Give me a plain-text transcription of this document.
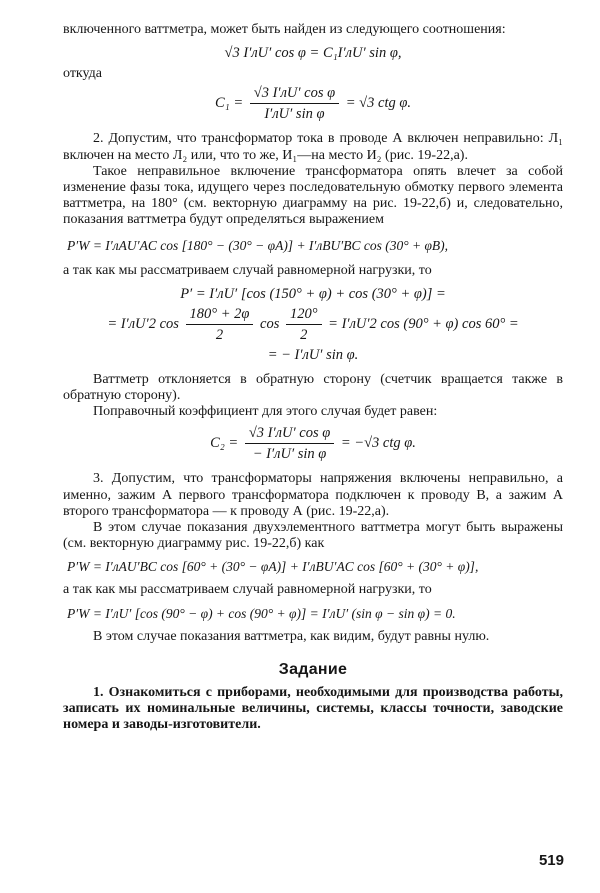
включенного ваттметра, может быть найден из следующего соотношения:

√3 I′лU′ cos φ = C₁I′лU′ sin φ,

откуда

$C_1 = \frac{\text{√3 I′лU′ cos φ}}{\text{I′лU′ sin φ}} = √3$ ctg φ.

2. Допустим, что трансформатор тока в проводе А включен неправильно: Л₁ включен на место Л₂ или, что то же, И₁—на место И₂ (рис. 19-22,а).

Такое неправильное включение трансформатора опять влечет за собой изменение фазы тока, идущего через последовательную обмотку первого элемента ваттметра, на 180° (см. векторную диаграмму на рис. 19-22,б) и, следовательно, показания ваттметра будут определяться выражением

P′W = I′лАU′AC cos [180° − (30° − φA)] + I′лBU′BC cos (30° + φB),

а так как мы рассматриваем случай равномерной нагрузки, то

P′ = I′лU′ [cos (150° + φ) + cos (30° + φ)] =
= I′лU′2 $\cos \frac{180^\circ + 2\varphi}{2}$ $\cos \frac{120^\circ}{2} = I'лU'2$ cos (90° + φ) cos 60° =
= − I′лU′ sin φ.

Ваттметр отклоняется в обратную сторону (счетчик вращается также в обратную сторону).

Поправочный коэффициент для этого случая будет равен:

$C_2 = \frac{\text{√3 I′лU′ cos φ}}{\text{− I′лU′ sin φ}} = -√3$ ctg φ.

3. Допустим, что трансформаторы напряжения включены неправильно, а именно, зажим А первого трансформатора подключен к проводу В, а зажим А второго трансформатора — к проводу А (рис. 19-22,а).

В этом случае показания двухэлементного ваттметра могут быть выражены (см. векторную диаграмму рис. 19-22,б) как

P′W = I′лАU′BC cos [60° + (30° − φA)] + I′лBU′AC cos [60° + (30° + φ)],

а так как мы рассматриваем случай равномерной нагрузки, то

P′W = I′лU′ [cos (90° − φ) + cos (90° + φ)] = I′лU′ (sin φ − sin φ) = 0.

В этом случае показания ваттметра, как видим, будут равны нулю.

Задание

1. Ознакомиться с приборами, необходимыми для производства работы, записать их номинальные величины, системы, классы точности, заводские номера и заводы-изготовители.

519
